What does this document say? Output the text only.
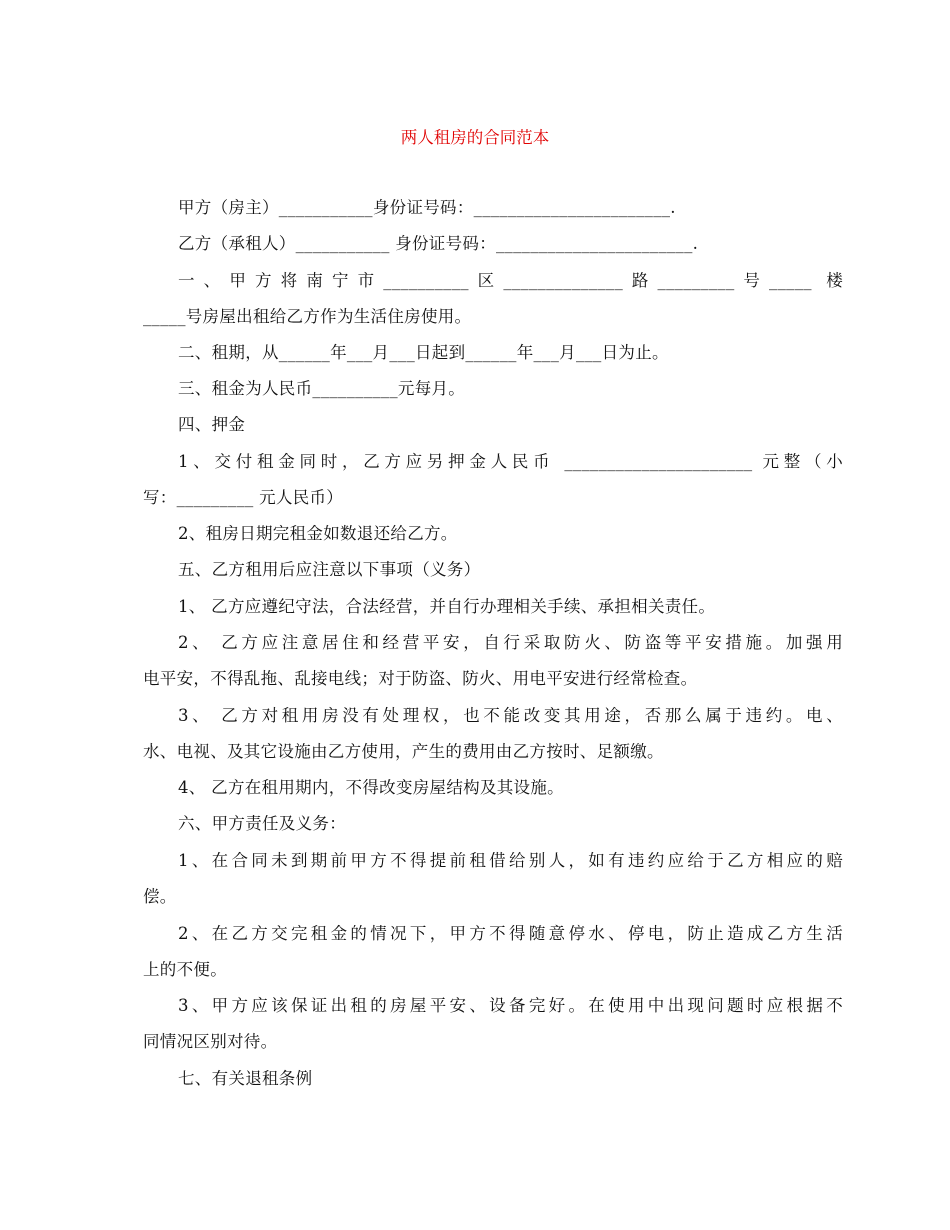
两人租房的合同范本
甲方（房主）___________身份证号码：_______________________.
乙方（承租人）___________ 身份证号码：_______________________.
一、甲方将南宁市__________区______________路_________号_____ 楼
_____号房屋出租给乙方作为生活住房使用。
二、租期，从______年___月___日起到______年___月___日为止。
三、租金为人民币__________元每月。
四、押金
1、交付租金同时，乙方应另押金人民币 ______________________ 元整（小
写：_________ 元人民币）
2、租房日期完租金如数退还给乙方。
五、乙方租用后应注意以下事项（义务）
1、 乙方应遵纪守法，合法经营，并自行办理相关手续、承担相关责任。
2、 乙方应注意居住和经营平安，自行采取防火、防盗等平安措施。加强用
电平安，不得乱拖、乱接电线；对于防盗、防火、用电平安进行经常检查。
3、 乙方对租用房没有处理权，也不能改变其用途，否那么属于违约。电、
水、电视、及其它设施由乙方使用，产生的费用由乙方按时、足额缴。
4、 乙方在租用期内，不得改变房屋结构及其设施。
六、甲方责任及义务：
1、在合同未到期前甲方不得提前租借给别人，如有违约应给于乙方相应的赔
偿。
2、在乙方交完租金的情况下，甲方不得随意停水、停电，防止造成乙方生活
上的不便。
3、甲方应该保证出租的房屋平安、设备完好。在使用中出现问题时应根据不
同情况区别对待。
七、有关退租条例
